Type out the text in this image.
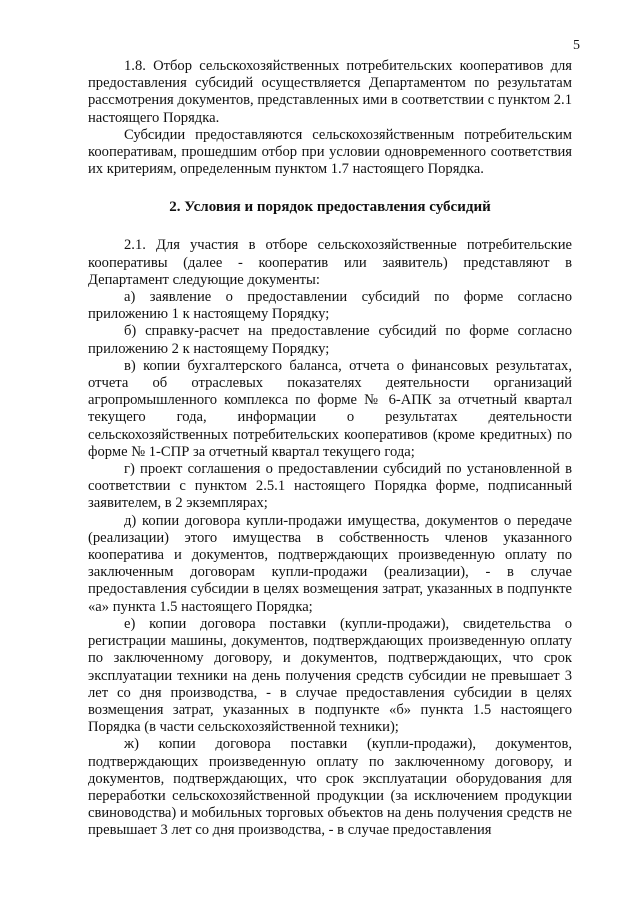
5

1.8. Отбор сельскохозяйственных потребительских кооперативов для предоставления субсидий осуществляется Департаментом по результатам рассмотрения документов, представленных ими в соответствии с пунктом 2.1 настоящего Порядка.

Субсидии предоставляются сельскохозяйственным потребительским кооперативам, прошедшим отбор при условии одновременного соответствия их критериям, определенным пунктом 1.7 настоящего Порядка.

2. Условия и порядок предоставления субсидий

2.1. Для участия в отборе сельскохозяйственные потребительские кооперативы (далее - кооператив или заявитель) представляют в Департамент следующие документы:

а) заявление о предоставлении субсидий по форме согласно приложению 1 к настоящему Порядку;

б) справку-расчет на предоставление субсидий по форме согласно приложению 2 к настоящему Порядку;

в) копии бухгалтерского баланса, отчета о финансовых результатах, отчета об отраслевых показателях деятельности организаций агропромышленного комплекса по форме № 6-АПК за отчетный квартал текущего года, информации о результатах деятельности сельскохозяйственных потребительских кооперативов (кроме кредитных) по форме № 1-СПР за отчетный квартал текущего года;

г) проект соглашения о предоставлении субсидий по установленной в соответствии с пунктом 2.5.1 настоящего Порядка форме, подписанный заявителем, в 2 экземплярах;

д) копии договора купли-продажи имущества, документов о передаче (реализации) этого имущества в собственность членов указанного кооператива и документов, подтверждающих произведенную оплату по заключенным договорам купли-продажи (реализации), - в случае предоставления субсидии в целях возмещения затрат, указанных в подпункте «а» пункта 1.5 настоящего Порядка;

е) копии договора поставки (купли-продажи), свидетельства о регистрации машины, документов, подтверждающих произведенную оплату по заключенному договору, и документов, подтверждающих, что срок эксплуатации техники на день получения средств субсидии не превышает 3 лет со дня производства, - в случае предоставления субсидии в целях возмещения затрат, указанных в подпункте «б» пункта 1.5 настоящего Порядка (в части сельскохозяйственной техники);

ж) копии договора поставки (купли-продажи), документов, подтверждающих произведенную оплату по заключенному договору, и документов, подтверждающих, что срок эксплуатации оборудования для переработки сельскохозяйственной продукции (за исключением продукции свиноводства) и мобильных торговых объектов на день получения средств не превышает 3 лет со дня производства, - в случае предоставления
